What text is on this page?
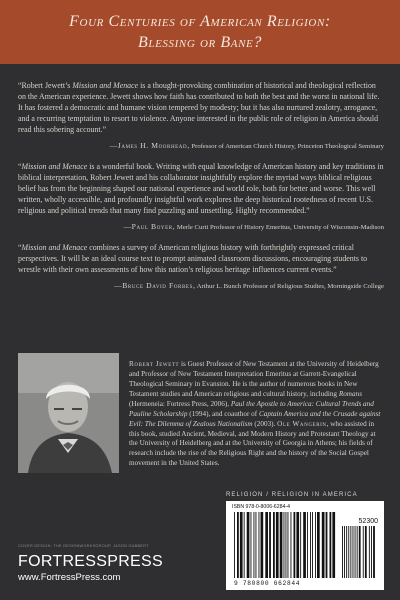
Four Centuries of American Religion:
Blessing or Bane?

“Robert Jewett’s Mission and Menace is a thought-provoking combination of historical and theological reflection on the American experience. Jewett shows how faith has contributed to both the best and the worst in national life. It has fostered a democratic and humane vision tempered by modesty; but it has also nurtured zealotry, arrogance, and a recurring temptation to resort to violence. Anyone interested in the public role of religion in America should read this sobering account.”

—James H. Moorhead, Professor of American Church History, Princeton Theological Seminary

“Mission and Menace is a wonderful book. Writing with equal knowledge of American history and key traditions in biblical interpretation, Robert Jewett and his collaborator insightfully explore the myriad ways biblical religious belief has from the beginning shaped our national experience and world role, both for better and worse. This well written, wholly accessible, and profoundly insightful work explores the deep historical rootedness of recent U.S. religious and political trends that many find puzzling and unsettling. Highly recommended.”

—Paul Boyer, Merle Curti Professor of History Emeritus, University of Wisconsin-Madison

“Mission and Menace combines a survey of American religious history with forthrightly expressed critical perspectives. It will be an ideal course text to prompt animated classroom discussions, encouraging students to wrestle with their own assessments of how this nation’s religious heritage influences current events.”

—Bruce David Forbes, Arthur L. Bunch Professor of Religious Studies, Morningside College

Robert Jewett is Guest Professor of New Testament at the University of Heidelberg and Professor of New Testament Interpretation Emeritus at Garrett-Evangelical Theological Seminary in Evanston. He is the author of numerous books in New Testament studies and American religious and cultural history, including Romans (Hermeneia: Fortress Press, 2006), Paul the Apostle to America: Cultural Trends and Pauline Scholarship (1994), and coauthor of Captain America and the Crusade against Evil: The Dilemma of Zealous Nationalism (2003). Ole Wangerin, who assisted in this book, studied Ancient, Medieval, and Modern History and Protestant Theology at the University of Heidelberg and at the University of Georgia in Athens; his fields of research include the rise of the Religious Right and the history of the Social Gospel movement in the United States.

RELIGION / RELIGION IN AMERICA
COVER DESIGN: THE DESIGNWORKSGROUP, JASON GABBERT
FORTRESSPRESS
www.FortressPress.com
ISBN 978-0-8006-6284-4
52300
9 780800 662844
